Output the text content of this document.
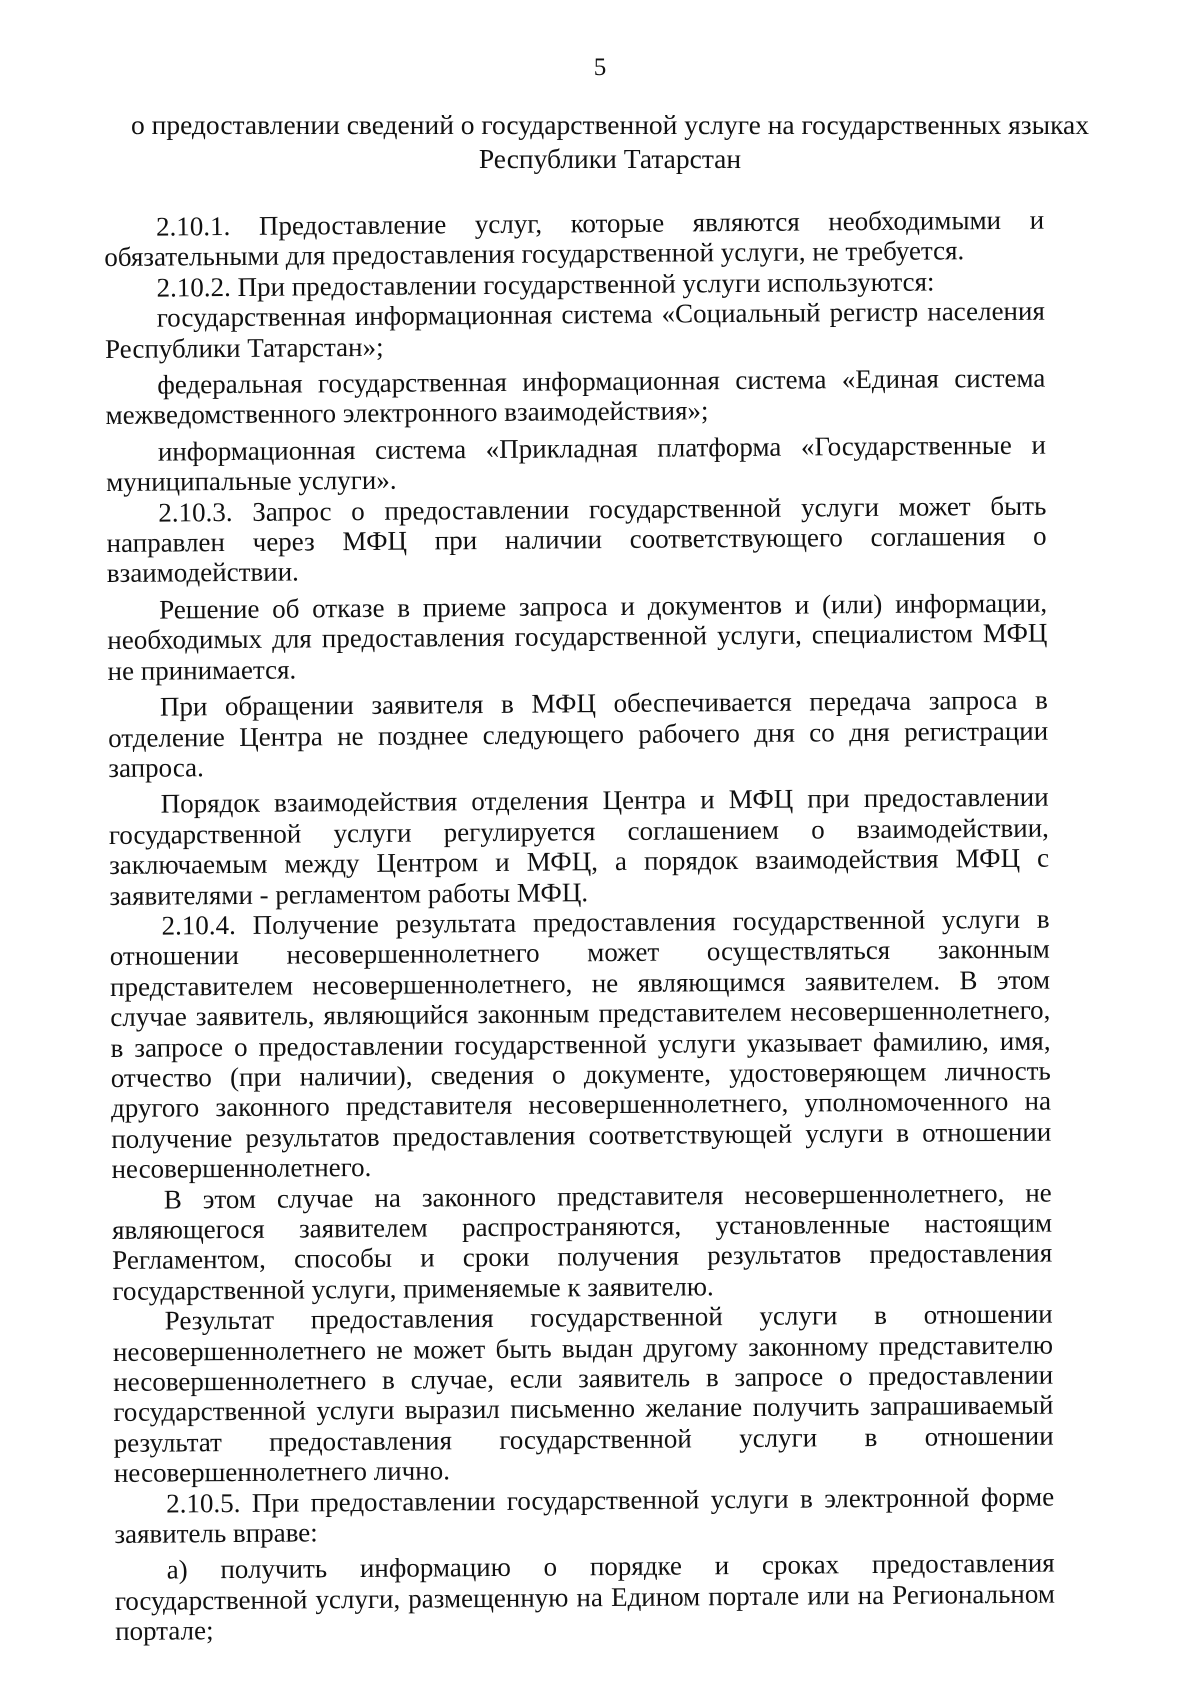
5
о предоставлении сведений о государственной услуге на государственных языках Республики Татарстан

2.10.1. Предоставление услуг, которые являются необходимыми и обязательными для предоставления государственной услуги, не требуется.

2.10.2. При предоставлении государственной услуги используются:

государственная информационная система «Социальный регистр населения Республики Татарстан»;

федеральная государственная информационная система «Единая система межведомственного электронного взаимодействия»;

информационная система «Прикладная платформа «Государственные и муниципальные услуги».

2.10.3. Запрос о предоставлении государственной услуги может быть направлен через МФЦ при наличии соответствующего соглашения о взаимодействии.

Решение об отказе в приеме запроса и документов и (или) информации, необходимых для предоставления государственной услуги, специалистом МФЦ не принимается.

При обращении заявителя в МФЦ обеспечивается передача запроса в отделение Центра не позднее следующего рабочего дня со дня регистрации запроса.

Порядок взаимодействия отделения Центра и МФЦ при предоставлении государственной услуги регулируется соглашением о взаимодействии, заключаемым между Центром и МФЦ, а порядок взаимодействия МФЦ с заявителями - регламентом работы МФЦ.

2.10.4. Получение результата предоставления государственной услуги в отношении несовершеннолетнего может осуществляться законным представителем несовершеннолетнего, не являющимся заявителем. В этом случае заявитель, являющийся законным представителем несовершеннолетнего, в запросе о предоставлении государственной услуги указывает фамилию, имя, отчество (при наличии), сведения о документе, удостоверяющем личность другого законного представителя несовершеннолетнего, уполномоченного на получение результатов предоставления соответствующей услуги в отношении несовершеннолетнего.

В этом случае на законного представителя несовершеннолетнего, не являющегося заявителем распространяются, установленные настоящим Регламентом, способы и сроки получения результатов предоставления государственной услуги, применяемые к заявителю.

Результат предоставления государственной услуги в отношении несовершеннолетнего не может быть выдан другому законному представителю несовершеннолетнего в случае, если заявитель в запросе о предоставлении государственной услуги выразил письменно желание получить запрашиваемый результат предоставления государственной услуги в отношении несовершеннолетнего лично.

2.10.5. При предоставлении государственной услуги в электронной форме заявитель вправе:

а) получить информацию о порядке и сроках предоставления государственной услуги, размещенную на Едином портале или на Региональном портале;
